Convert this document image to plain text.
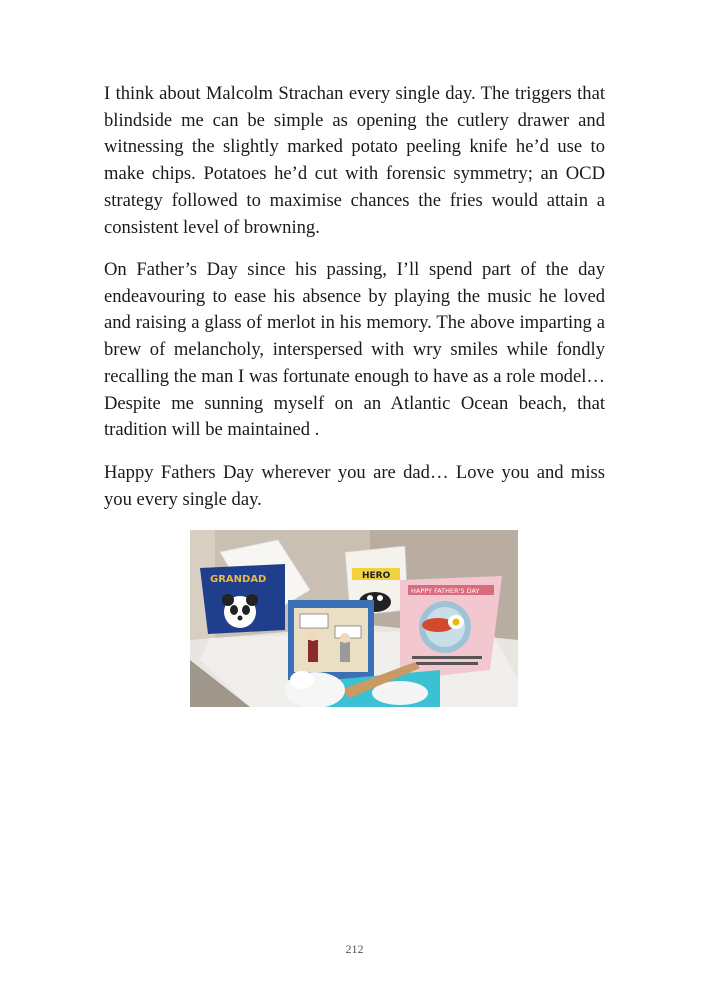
I think about Malcolm Strachan every single day. The triggers that blindside me can be simple as opening the cutlery drawer and witnessing the slightly marked potato peeling knife he’d use to make chips. Potatoes he’d cut with forensic symmetry; an OCD strategy followed to maximise chances the fries would attain a consistent level of browning.

On Father’s Day since his passing, I’ll spend part of the day endeavouring to ease his absence by playing the music he loved and raising a glass of merlot in his memory. The above imparting a brew of melancholy, interspersed with wry smiles while fondly recalling the man I was fortunate enough to have as a role model… Despite me sunning myself on an Atlantic Ocean beach, that tradition will be maintained .

Happy Fathers Day wherever you are dad… Love you and miss you every single day.

GRANDAD	HERO
HAPPY FATHER'S DAY
212
